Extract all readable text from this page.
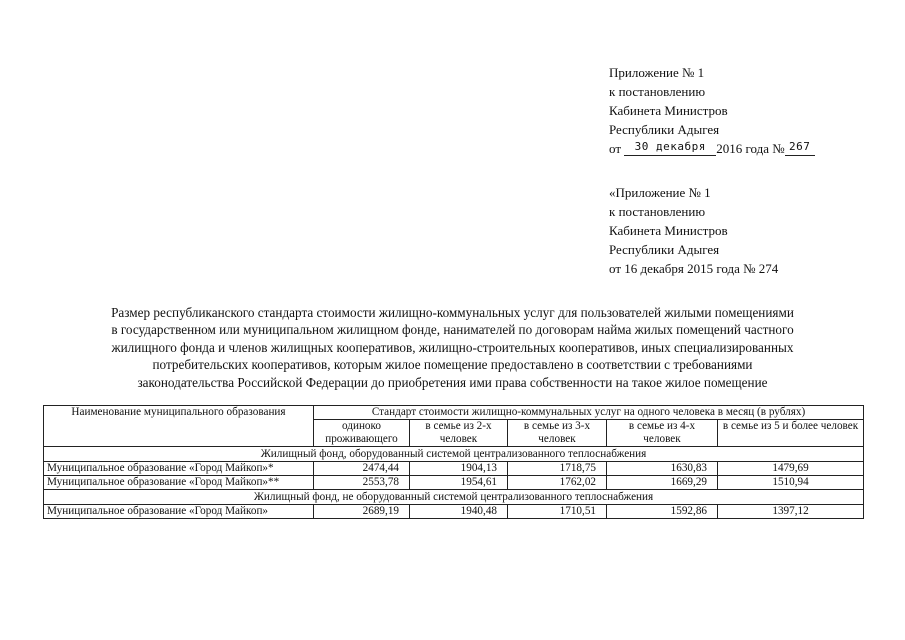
Приложение № 1
к постановлению
Кабинета Министров
Республики Адыгея
от $^{30 декабря}$ 2016 года № $^{267}$
«Приложение № 1
к постановлению
Кабинета Министров
Республики Адыгея
от 16 декабря 2015 года № 274
Размер республиканского стандарта стоимости жилищно-коммунальных услуг для пользователей жилыми помещениями
в государственном или муниципальном жилищном фонде, нанимателей по договорам найма жилых помещений частного
жилищного фонда и членов жилищных кооперативов, жилищно-строительных кооперативов, иных специализированных
потребительских кооперативов, которым жилое помещение предоставлено в соответствии с требованиями
законодательства Российской Федерации до приобретения ими права собственности на такое жилое помещение
Наименование муниципального образования	Стандарт стоимости жилищно-коммунальных услуг на одного человека в месяц (в рублях)				
	одиноко проживающего	в семье из 2-х человек	в семье из 3-х человек	в семье из 4-х человек	в семье из 5 и более человек
Жилищный фонд, оборудованный системой централизованного теплоснабжения					
Муниципальное образование «Город Майкоп»*	2474,44	1904,13	1718,75	1630,83	1479,69
Муниципальное образование «Город Майкоп»**	2553,78	1954,61	1762,02	1669,29	1510,94
Жилищный фонд, не оборудованный системой централизованного теплоснабжения					
Муниципальное образование «Город Майкоп»	2689,19	1940,48	1710,51	1592,86	1397,12
